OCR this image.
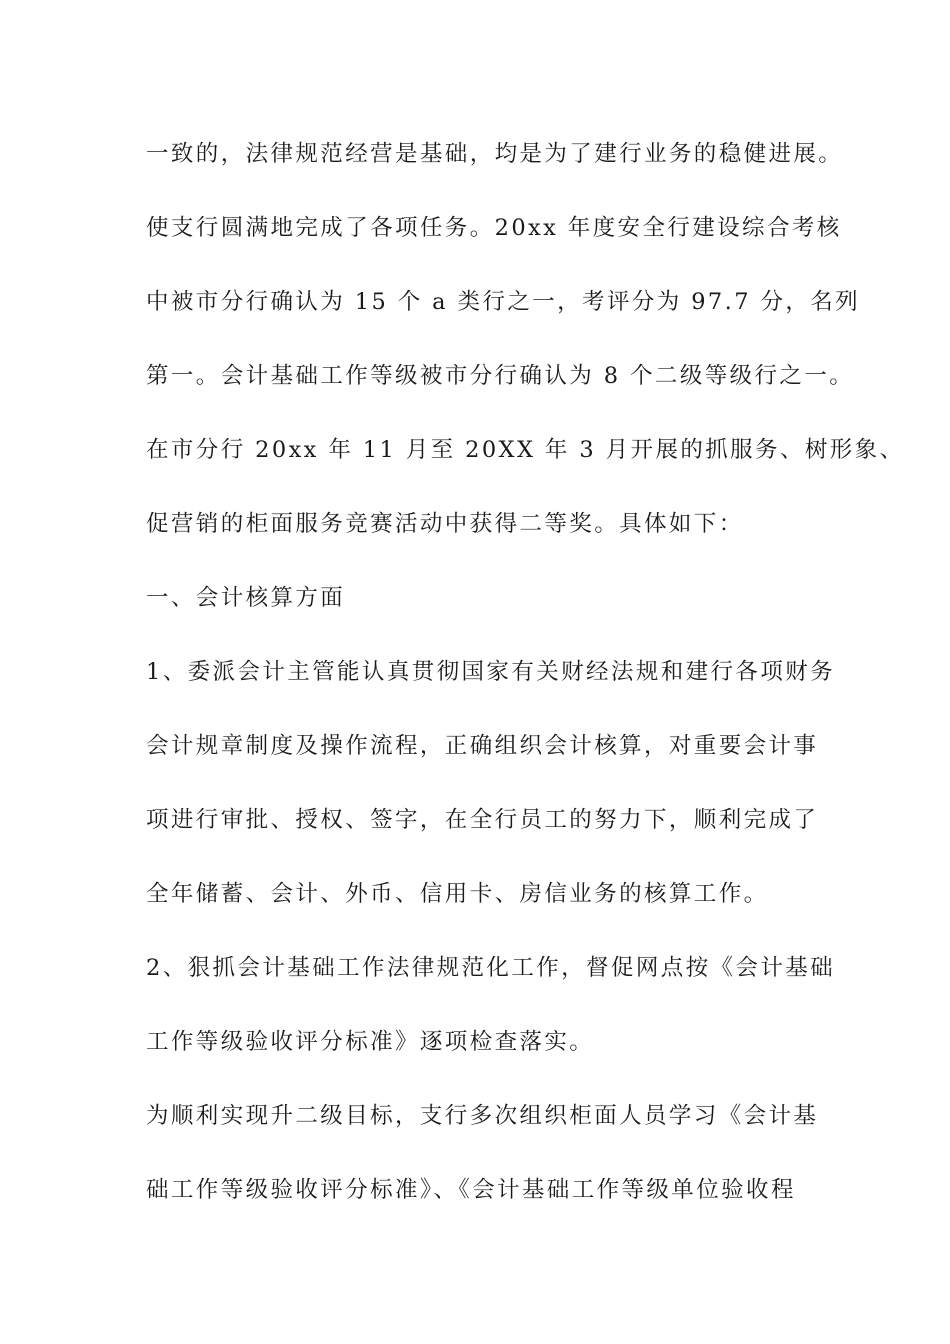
一致的，法律规范经营是基础，均是为了建行业务的稳健进展。
使支行圆满地完成了各项任务。20xx 年度安全行建设综合考核
中被市分行确认为 15 个 a 类行之一，考评分为 97.7 分，名列
第一。会计基础工作等级被市分行确认为 8 个二级等级行之一。
在市分行 20xx 年 11 月至 20XX 年 3 月开展的抓服务、树形象、
促营销的柜面服务竞赛活动中获得二等奖。具体如下：
一、会计核算方面
1、委派会计主管能认真贯彻国家有关财经法规和建行各项财务
会计规章制度及操作流程，正确组织会计核算，对重要会计事
项进行审批、授权、签字，在全行员工的努力下，顺利完成了
全年储蓄、会计、外币、信用卡、房信业务的核算工作。
2、狠抓会计基础工作法律规范化工作，督促网点按《会计基础
工作等级验收评分标准》逐项检查落实。
为顺利实现升二级目标，支行多次组织柜面人员学习《会计基
础工作等级验收评分标准》、《会计基础工作等级单位验收程
